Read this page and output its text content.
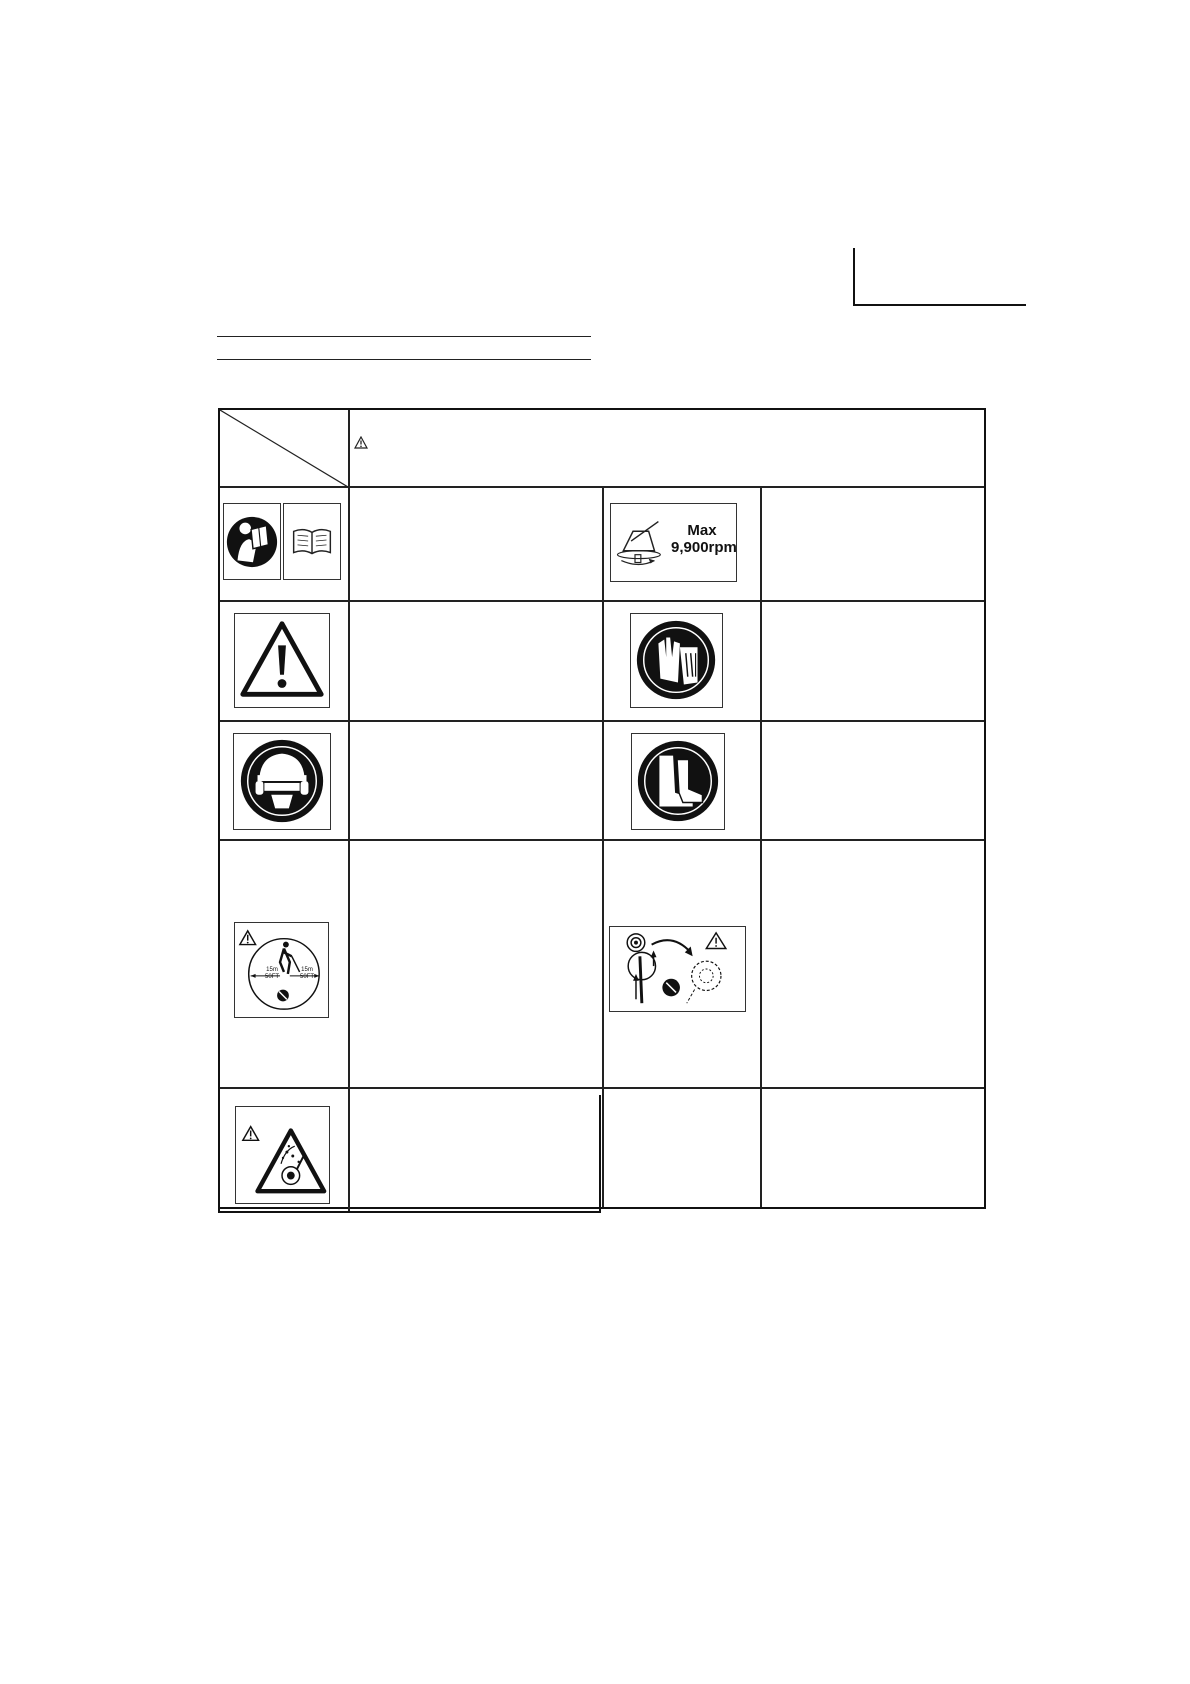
Max
9,900rpm
15m
50FT
15m
50FT
